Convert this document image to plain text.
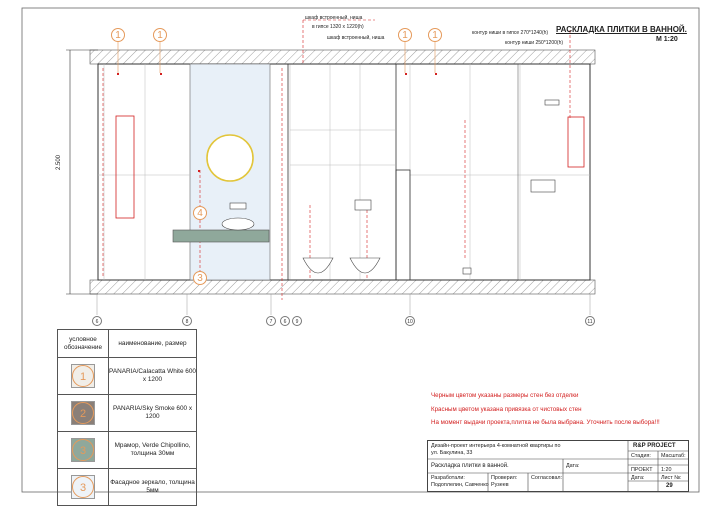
шкаф встроенный, ниша
в гипсе 1320 х 1220(h)
шкаф встроенный, ниша
контур ниши в гипсе 270*1240(h)
контур ниши 250*1200(h)
РАСКЛАДКА ПЛИТКИ В ВАННОЙ.
М 1:20
2.500
1	1	1	1
4
3
6	8	7	6	9	10	11
условное обозначение	наименование, размер

1	PANARIA/Calacatta White 600 x 1200

2	PANARIA/Sky Smoke 600 x 1200

3	Мрамор, Verde Chipollino, толщина 30мм

3	Фасадное зеркало, толщина 5мм
Черным цветом указаны размеры стен без отделки
Красным цветом указана привязка от чистовых стен
На момент выдачи проекта,плитка не была выбрана. Уточнить после выбора!!!
Дизайн-проект интерьера 4-комнатной квартиры по ул. Бакулина, 33
R&P PROJECT
Раскладка плитки в ванной.	Дата:
Стадия: Масштаб:
ПРОЕКТ 1:20
Дата:	Лист №:
29
Разработали:
Подоплелин, Савченко
Проверил:
Рузеев
Согласовал:
